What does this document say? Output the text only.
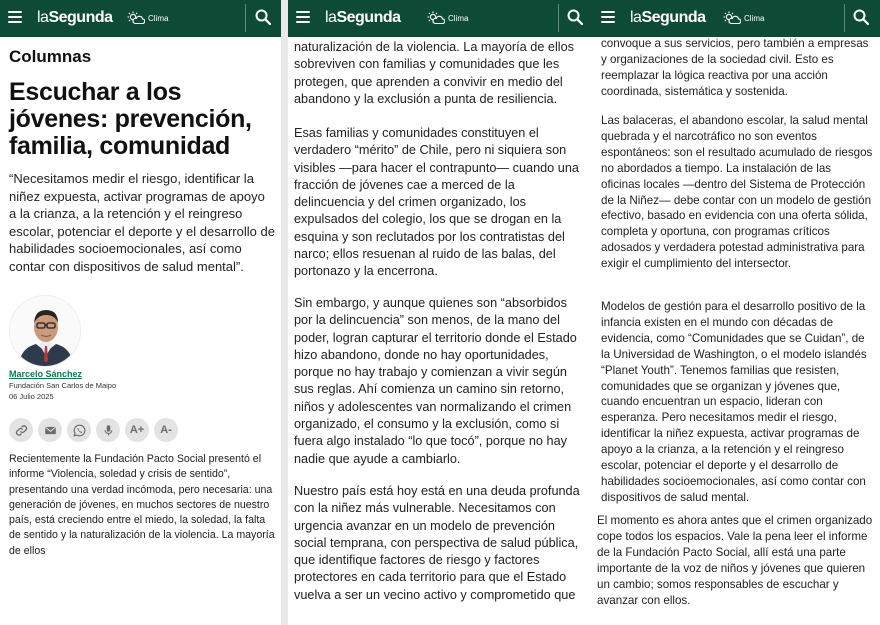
laSegunda	Clima
Columnas
Escuchar a los jóvenes: prevención, familia, comunidad

“Necesitamos medir el riesgo, identificar la niñez expuesta, activar programas de apoyo a la crianza, a la retención y el reingreso escolar, potenciar el deporte y el desarrollo de habilidades socioemocionales, así como contar con dispositivos de salud mental”.

Marcelo Sánchez
Fundación San Carlos de Maipo
06 Julio 2025
A+	A-

Recientemente la Fundación Pacto Social presentó el informe “Violencia, soledad y crisis de sentido”, presentando una verdad incómoda, pero necesaria: una generación de jóvenes, en muchos sectores de nuestro país, está creciendo entre el miedo, la soledad, la falta de sentido y la naturalización de la violencia. La mayoría de ellos

laSegunda	Clima

naturalización de la violencia. La mayoría de ellos sobreviven con familias y comunidades que les protegen, que aprenden a convivir en medio del abandono y la exclusión a punta de resiliencia.

Esas familias y comunidades constituyen el verdadero “mérito” de Chile, pero ni siquiera son visibles —para hacer el contrapunto— cuando una fracción de jóvenes cae a merced de la delincuencia y del crimen organizado, los expulsados del colegio, los que se drogan en la esquina y son reclutados por los contratistas del narco; ellos resuenan al ruido de las balas, del portonazo y la encerrona.

Sin embargo, y aunque quienes son “absorbidos por la delincuencia” son menos, de la mano del poder, logran capturar el territorio donde el Estado hizo abandono, donde no hay oportunidades, porque no hay trabajo y comienzan a vivir según sus reglas. Ahí comienza un camino sin retorno, niños y adolescentes van normalizando el crimen organizado, el consumo y la exclusión, como si fuera algo instalado “lo que tocó”, porque no hay nadie que ayude a cambiarlo.

Nuestro país está hoy está en una deuda profunda con la niñez más vulnerable. Necesitamos con urgencia avanzar en un modelo de prevención social temprana, con perspectiva de salud pública, que identifique factores de riesgo y factores protectores en cada territorio para que el Estado vuelva a ser un vecino activo y comprometido que

laSegunda	Clima

convoque a sus servicios, pero también a empresas y organizaciones de la sociedad civil. Esto es reemplazar la lógica reactiva por una acción coordinada, sistemática y sostenida.

Las balaceras, el abandono escolar, la salud mental quebrada y el narcotráfico no son eventos espontáneos: son el resultado acumulado de riesgos no abordados a tiempo. La instalación de las oficinas locales —dentro del Sistema de Protección de la Niñez— debe contar con un modelo de gestión efectivo, basado en evidencia con una oferta sólida, completa y oportuna, con programas críticos adosados y verdadera potestad administrativa para exigir el cumplimiento del intersector.

Modelos de gestión para el desarrollo positivo de la infancia existen en el mundo con décadas de evidencia, como “Comunidades que se Cuidan”, de la Universidad de Washington, o el modelo islandés “Planet Youth”. Tenemos familias que resisten, comunidades que se organizan y jóvenes que, cuando encuentran un espacio, lideran con esperanza. Pero necesitamos medir el riesgo, identificar la niñez expuesta, activar programas de apoyo a la crianza, a la retención y el reingreso escolar, potenciar el deporte y el desarrollo de habilidades socioemocionales, así como contar con dispositivos de salud mental.

El momento es ahora antes que el crimen organizado cope todos los espacios. Vale la pena leer el informe de la Fundación Pacto Social, allí está una parte importante de la voz de niños y jóvenes que quieren un cambio; somos responsables de escuchar y avanzar con ellos.
